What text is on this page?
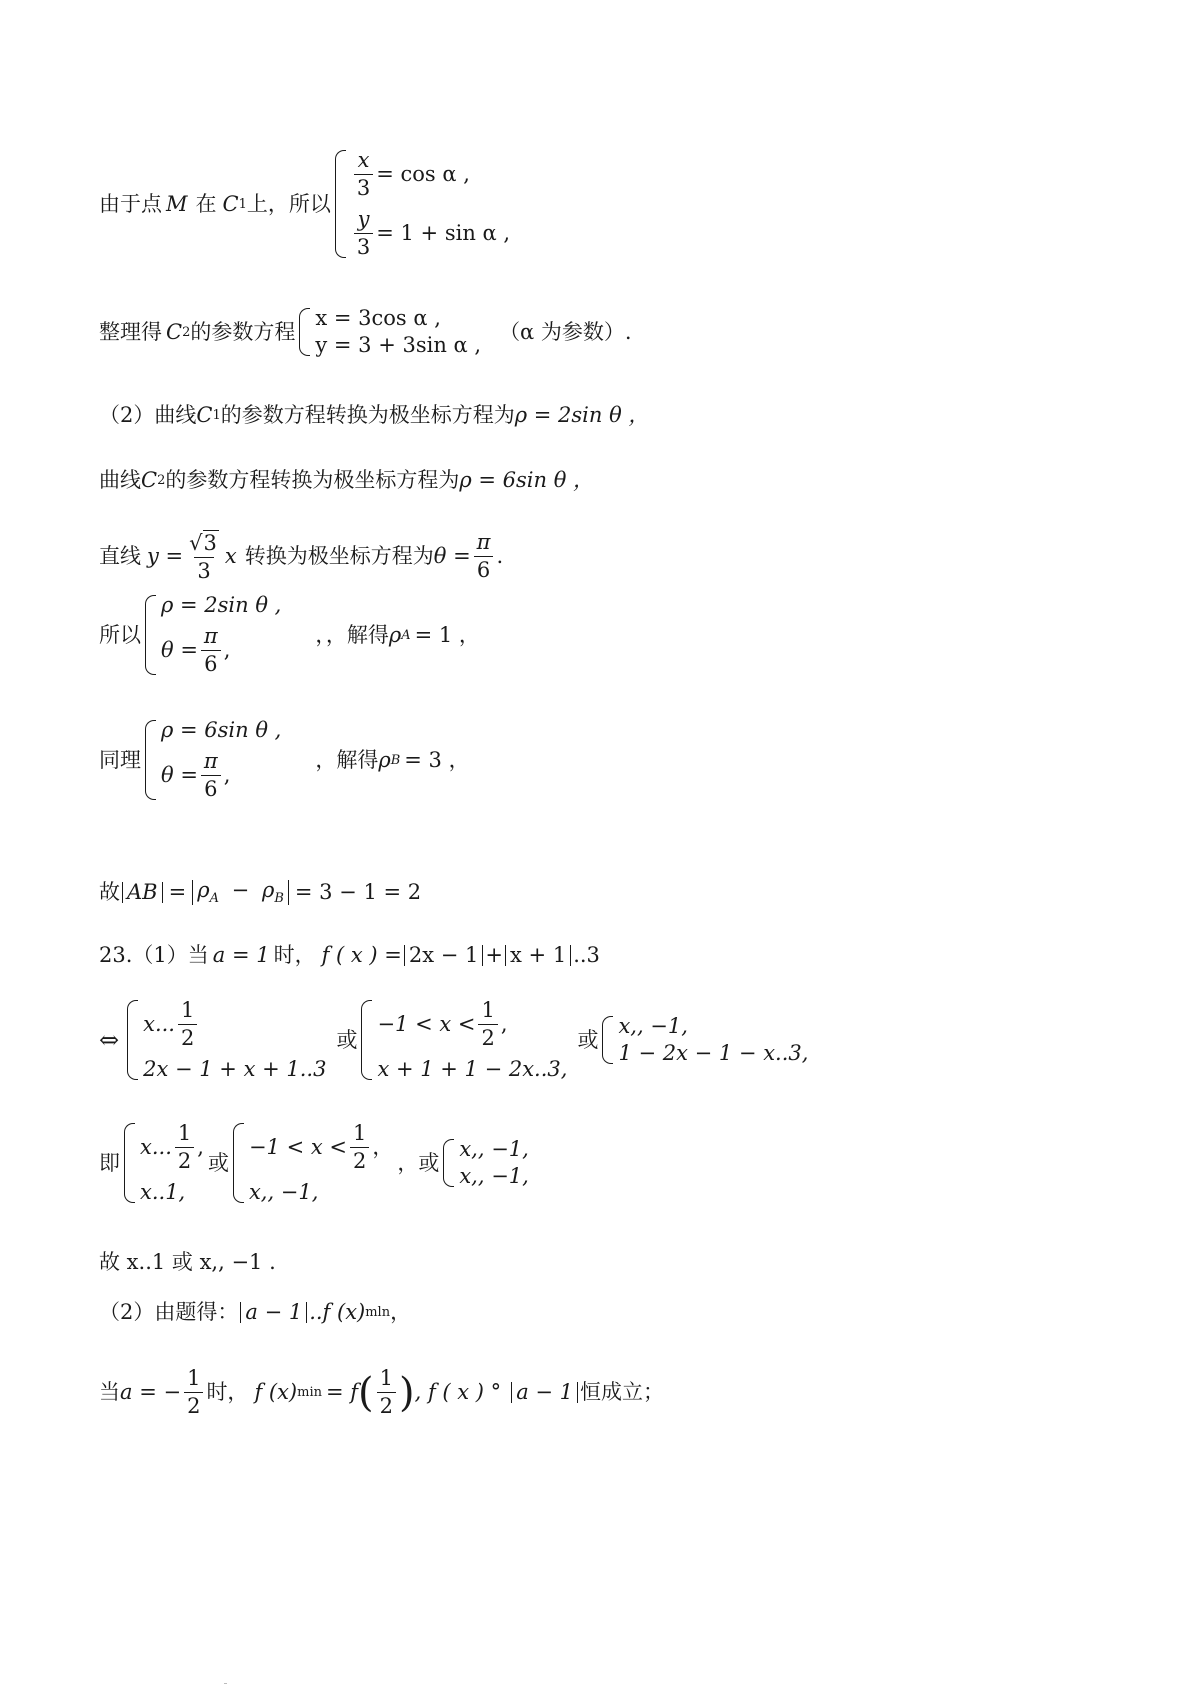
由于点 M 在 C 1 上，所以
$\frac{x}{3} = \cos \alpha$ ,
$\frac{y}{3} = 1 + \sin \alpha$ ,
整理得 C 2 的参数方程
x = 3cos α ,
y = 3 + 3sin α ,
（α 为参数）.
（2）曲线 C 1 的参数方程转换为极坐标方程为 ρ = 2sin θ ，
曲线 C 2 的参数方程转换为极坐标方程为 ρ = 6sin θ ，
直线 $y = \frac{√ 3}{3}$ x 转换为极坐标方程为 $\theta = \frac{\pi}{6}$ .
所以
ρ = 2sin θ ,
$\theta = \frac{\pi}{6}$ ,
，，解得 ρ A = 1 ，
同理
ρ = 6sin θ ,
$\theta = \frac{\pi}{6}$ ,
，解得 ρ B = 3 ，
故 AB = $\rho_A - \rho_B = 3 - 1 = 2$
23.（1）当 a = 1 时， f ( x ) = 2x − 1 + x + 1 ..3
⇔
x... $\frac{1}{2}$
2x − 1 + x + 1..3
或
$-1 < x < \frac{1}{2}$ ,
x + 1 + 1 − 2x..3,
或
x,, −1,
1 − 2x − 1 − x..3,
即
x... $\frac{1}{2}$ ,
x..1,
或
$-1 < x < \frac{1}{2}$ ，
x,, −1,
，或
x,, −1,
x,, −1,
故 x..1 或 x,, −1 .
（2）由题得： a − 1 ..f (x) mln ，
当 a = − $\frac{1}{2}$ 时， f (x) min = f ( $\frac{1}{2}$ ) , f ( x ) ° a − 1 恒成立；
